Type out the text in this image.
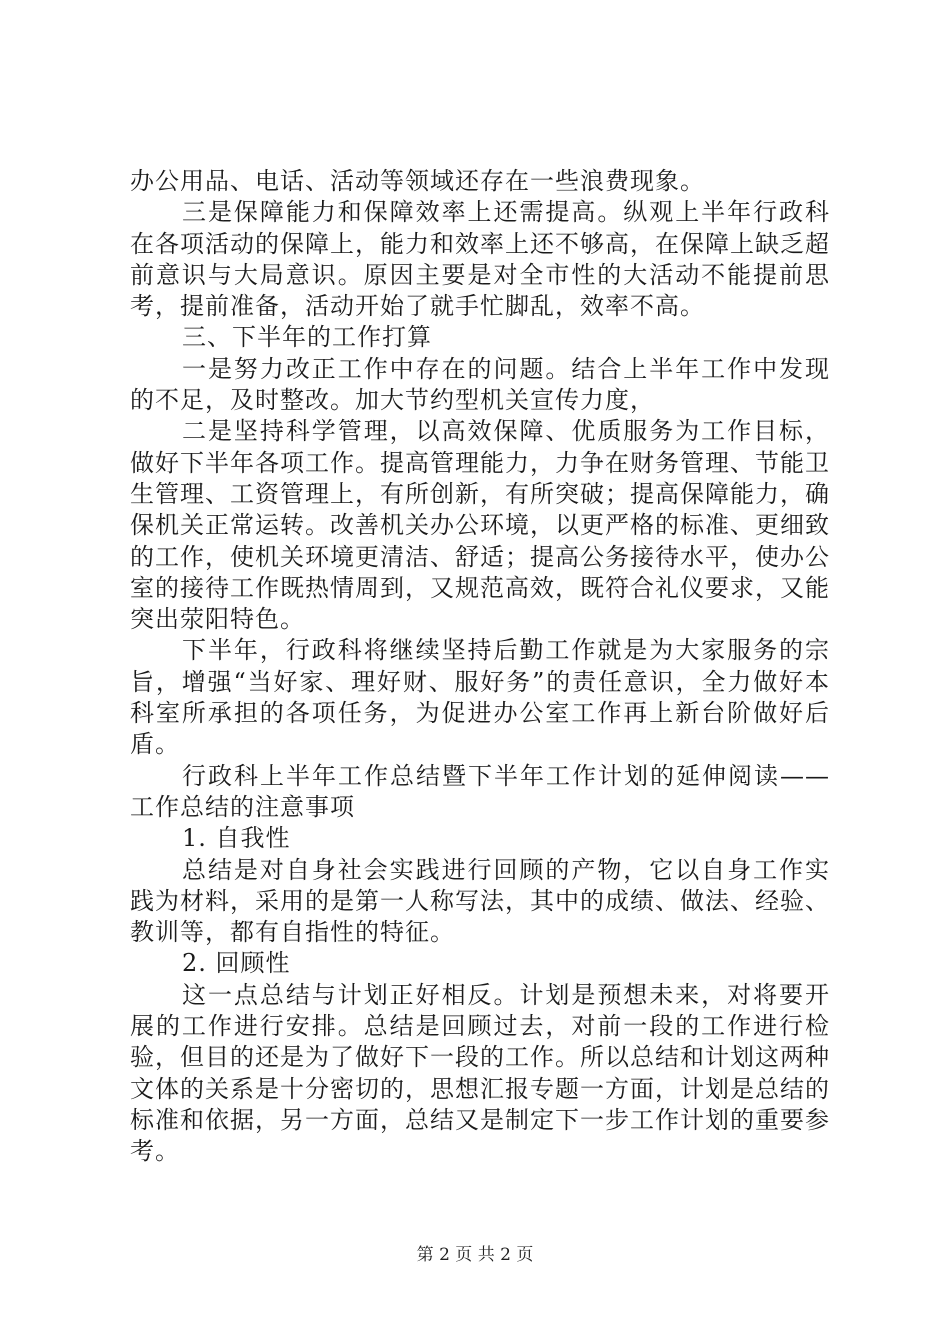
办公用品、电话、活动等领域还存在一些浪费现象。

三是保障能力和保障效率上还需提高。纵观上半年行政科在各项活动的保障上，能力和效率上还不够高，在保障上缺乏超前意识与大局意识。原因主要是对全市性的大活动不能提前思考，提前准备，活动开始了就手忙脚乱，效率不高。

三、下半年的工作打算

一是努力改正工作中存在的问题。结合上半年工作中发现的不足，及时整改。加大节约型机关宣传力度，

二是坚持科学管理，以高效保障、优质服务为工作目标，做好下半年各项工作。提高管理能力，力争在财务管理、节能卫生管理、工资管理上，有所创新，有所突破；提高保障能力，确保机关正常运转。改善机关办公环境，以更严格的标准、更细致的工作，使机关环境更清洁、舒适；提高公务接待水平，使办公室的接待工作既热情周到，又规范高效，既符合礼仪要求，又能突出荥阳特色。

下半年，行政科将继续坚持后勤工作就是为大家服务的宗旨，增强“当好家、理好财、服好务”的责任意识，全力做好本科室所承担的各项任务，为促进办公室工作再上新台阶做好后盾。

行政科上半年工作总结暨下半年工作计划的延伸阅读——工作总结的注意事项

1. 自我性

总结是对自身社会实践进行回顾的产物，它以自身工作实践为材料，采用的是第一人称写法，其中的成绩、做法、经验、教训等，都有自指性的特征。

2. 回顾性

这一点总结与计划正好相反。计划是预想未来，对将要开展的工作进行安排。总结是回顾过去，对前一段的工作进行检验，但目的还是为了做好下一段的工作。所以总结和计划这两种文体的关系是十分密切的，思想汇报专题一方面，计划是总结的标准和依据，另一方面，总结又是制定下一步工作计划的重要参考。

第 2 页 共 2 页
